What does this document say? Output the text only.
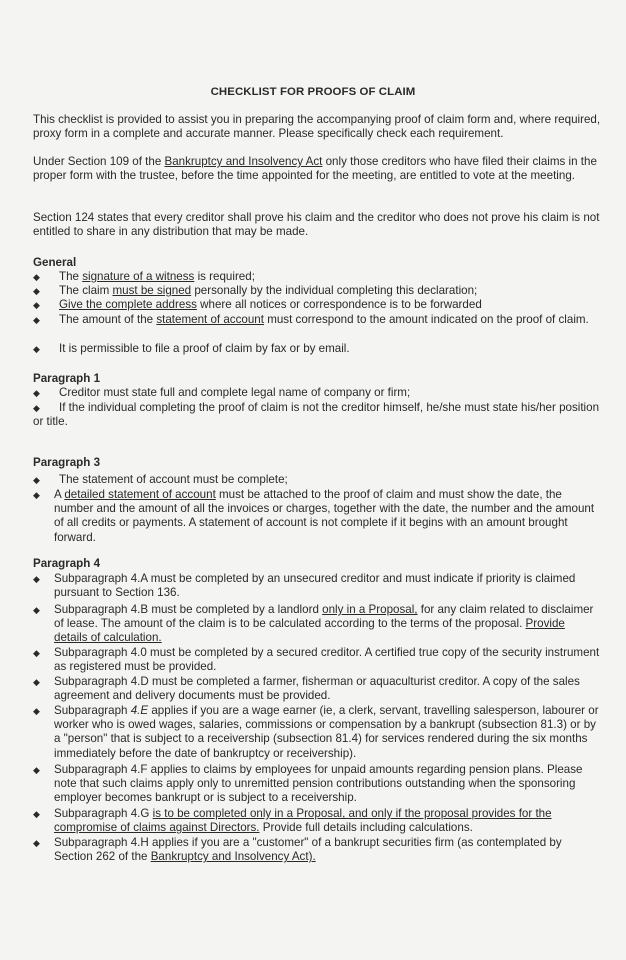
CHECKLIST FOR PROOFS OF CLAIM
This checklist is provided to assist you in preparing the accompanying proof of claim form and, where required, proxy form in a complete and accurate manner. Please specifically check each requirement.
Under Section 109 of the Bankruptcy and Insolvency Act only those creditors who have filed their claims in the proper form with the trustee, before the time appointed for the meeting, are entitled to vote at the meeting.
Section 124 states that every creditor shall prove his claim and the creditor who does not prove his claim is not entitled to share in any distribution that may be made.
General
◆	The signature of a witness is required;
◆	The claim must be signed personally by the individual completing this declaration;
◆	Give the complete address where all notices or correspondence is to be forwarded
◆	The amount of the statement of account must correspond to the amount indicated on the proof of claim.
◆	It is permissible to file a proof of claim by fax or by email.
Paragraph 1
◆	Creditor must state full and complete legal name of company or firm;
◆	If the individual completing the proof of claim is not the creditor himself, he/she must state his/her position or title.
Paragraph 3
◆ The statement of account must be complete;
◆ A detailed statement of account must be attached to the proof of claim and must show the date, the number and the amount of all the invoices or charges, together with the date, the number and the amount of all credits or payments. A statement of account is not complete if it begins with an amount brought forward.
Paragraph 4
◆ Subparagraph 4.A must be completed by an unsecured creditor and must indicate if priority is claimed pursuant to Section 136.
◆ Subparagraph 4.B must be completed by a landlord only in a Proposal, for any claim related to disclaimer of lease. The amount of the claim is to be calculated according to the terms of the proposal. Provide details of calculation.
◆ Subparagraph 4.0 must be completed by a secured creditor. A certified true copy of the security instrument as registered must be provided.
◆ Subparagraph 4.D must be completed a farmer, fisherman or aquaculturist creditor. A copy of the sales agreement and delivery documents must be provided.
◆ Subparagraph 4.E applies if you are a wage earner (ie, a clerk, servant, travelling salesperson, labourer or worker who is owed wages, salaries, commissions or compensation by a bankrupt (subsection 81.3) or by a "person" that is subject to a receivership (subsection 81.4) for services rendered during the six months immediately before the date of bankruptcy or receivership).
◆ Subparagraph 4.F applies to claims by employees for unpaid amounts regarding pension plans. Please note that such claims apply only to unremitted pension contributions outstanding when the sponsoring employer becomes bankrupt or is subject to a receivership.
◆ Subparagraph 4.G is to be completed only in a Proposal, and only if the proposal provides for the compromise of claims against Directors. Provide full details including calculations.
◆ Subparagraph 4.H applies if you are a "customer" of a bankrupt securities firm (as contemplated by Section 262 of the Bankruptcy and Insolvency Act).
